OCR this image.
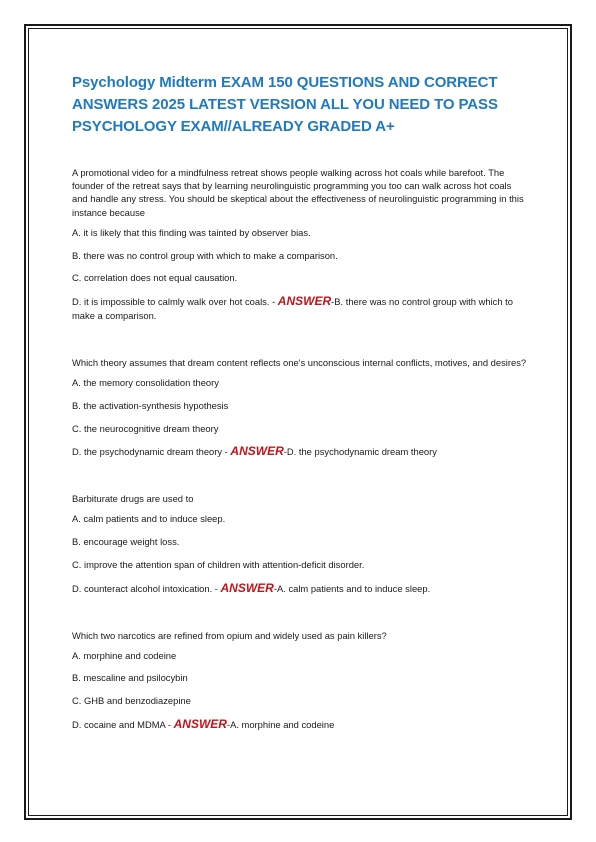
Psychology Midterm EXAM 150 QUESTIONS AND CORRECT ANSWERS 2025 LATEST VERSION ALL YOU NEED TO PASS PSYCHOLOGY EXAM//ALREADY GRADED A+

A promotional video for a mindfulness retreat shows people walking across hot coals while barefoot. The founder of the retreat says that by learning neurolinguistic programming you too can walk across hot coals and handle any stress. You should be skeptical about the effectiveness of neurolinguistic programming in this instance because

A. it is likely that this finding was tainted by observer bias.

B. there was no control group with which to make a comparison.

C. correlation does not equal causation.

D. it is impossible to calmly walk over hot coals. - ANSWER-B. there was no control group with which to make a comparison.

Which theory assumes that dream content reflects one's unconscious internal conflicts, motives, and desires?

A. the memory consolidation theory

B. the activation-synthesis hypothesis

C. the neurocognitive dream theory

D. the psychodynamic dream theory - ANSWER-D. the psychodynamic dream theory

Barbiturate drugs are used to

A. calm patients and to induce sleep.

B. encourage weight loss.

C. improve the attention span of children with attention-deficit disorder.

D. counteract alcohol intoxication. - ANSWER-A. calm patients and to induce sleep.

Which two narcotics are refined from opium and widely used as pain killers?

A. morphine and codeine

B. mescaline and psilocybin

C. GHB and benzodiazepine

D. cocaine and MDMA - ANSWER-A. morphine and codeine
